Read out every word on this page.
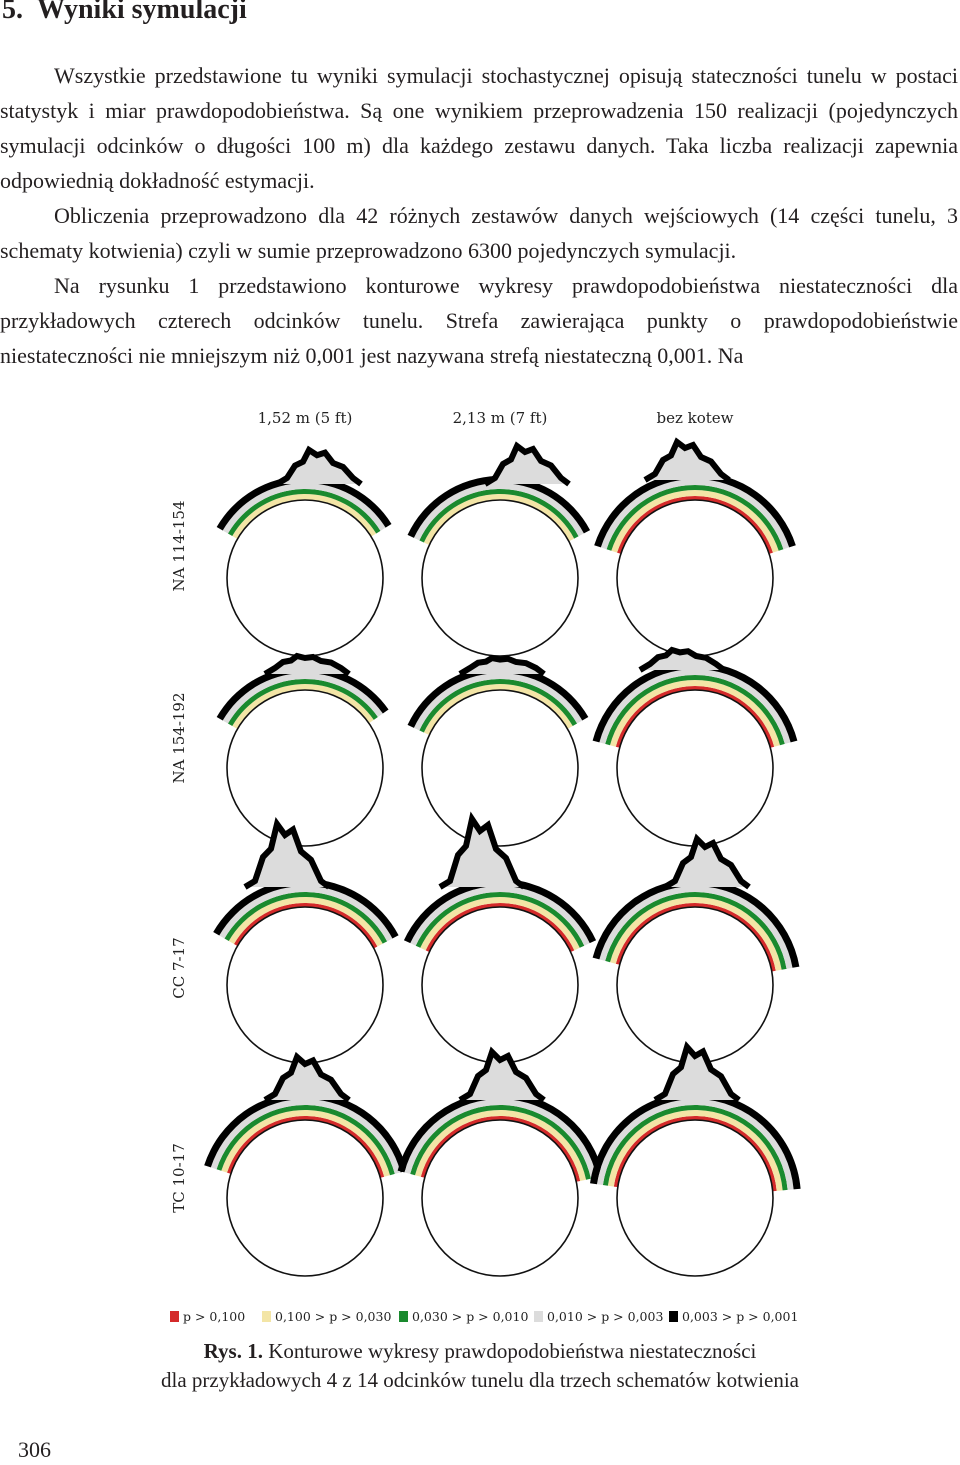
5. Wyniki symulacji

Wszystkie przedstawione tu wyniki symulacji stochastycznej opisują stateczności tunelu w postaci statystyk i miar prawdopodobieństwa. Są one wynikiem przeprowadzenia 150 realizacji (pojedynczych symulacji odcinków o długości 100 m) dla każdego zestawu danych. Taka liczba realizacji zapewnia odpowiednią dokładność estymacji.

Obliczenia przeprowadzono dla 42 różnych zestawów danych wejściowych (14 części tunelu, 3 schematy kotwienia) czyli w sumie przeprowadzono 6300 pojedynczych symulacji.

Na rysunku 1 przedstawiono konturowe wykresy prawdopodobieństwa niestateczności dla przykładowych czterech odcinków tunelu. Strefa zawierająca punkty o prawdopodobieństwie niestateczności nie mniejszym niż 0,001 jest nazywana strefą niestateczną 0,001. Na

1,52 m (5 ft)	2,13 m (7 ft)	bez kotew
NA 114-154
NA 154-192
CC 7-17
TC 10-17
p > 0,100 0,100 > p > 0,030 0,030 > p > 0,010 0,010 > p > 0,003 0,003 > p > 0,001
Rys. 1. Konturowe wykresy prawdopodobieństwa niestateczności
dla przykładowych 4 z 14 odcinków tunelu dla trzech schematów kotwienia
306
